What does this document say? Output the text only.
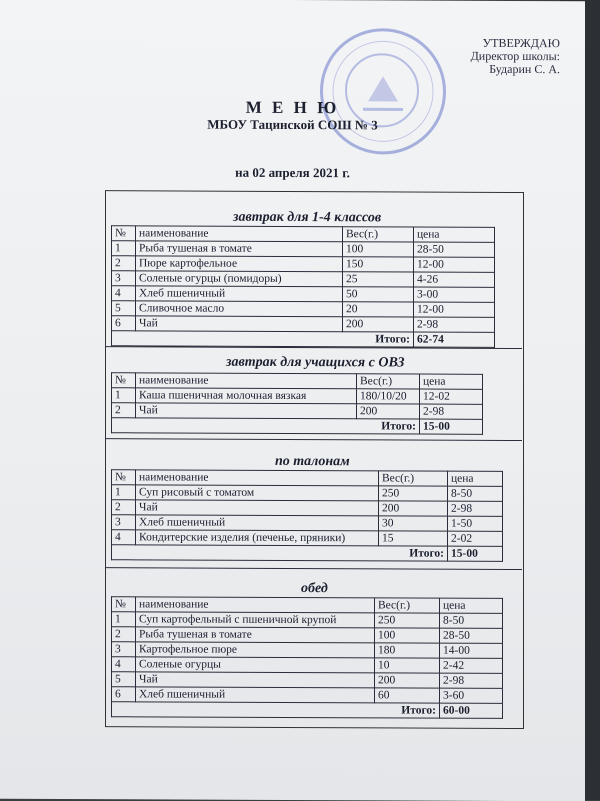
УТВЕРЖДАЮ
Директор школы:
Бударин С. А.
М Е Н Ю
МБОУ Тацинской СОШ № 3
на 02 апреля 2021 г.
завтрак для 1-4 классов
№	наименование	Вес(г.)	цена
1	Рыба тушеная в томате	100	28-50
2	Пюре картофельное	150	12-00
3	Соленые огурцы (помидоры)	25	4-26
4	Хлеб пшеничный	50	3-00
5	Сливочное масло	20	12-00
6	Чай	200	2-98
Итого:			62-74
завтрак для учащихся с ОВЗ
№	наименование	Вес(г.)	цена
1	Каша пшеничная молочная вязкая	180/10/20	12-02
2	Чай	200	2-98
Итого:			15-00
по талонам
№	наименование	Вес(г.)	цена
1	Суп рисовый с томатом	250	8-50
2	Чай	200	2-98
3	Хлеб пшеничный	30	1-50
4	Кондитерские изделия (печенье, пряники)	15	2-02
Итого:			15-00
обед
№	наименование	Вес(г.)	цена
1	Суп картофельный с пшеничной крупой	250	8-50
2	Рыба тушеная в томате	100	28-50
3	Картофельное пюре	180	14-00
4	Соленые огурцы	10	2-42
5	Чай	200	2-98
6	Хлеб пшеничный	60	3-60
Итого:			60-00
